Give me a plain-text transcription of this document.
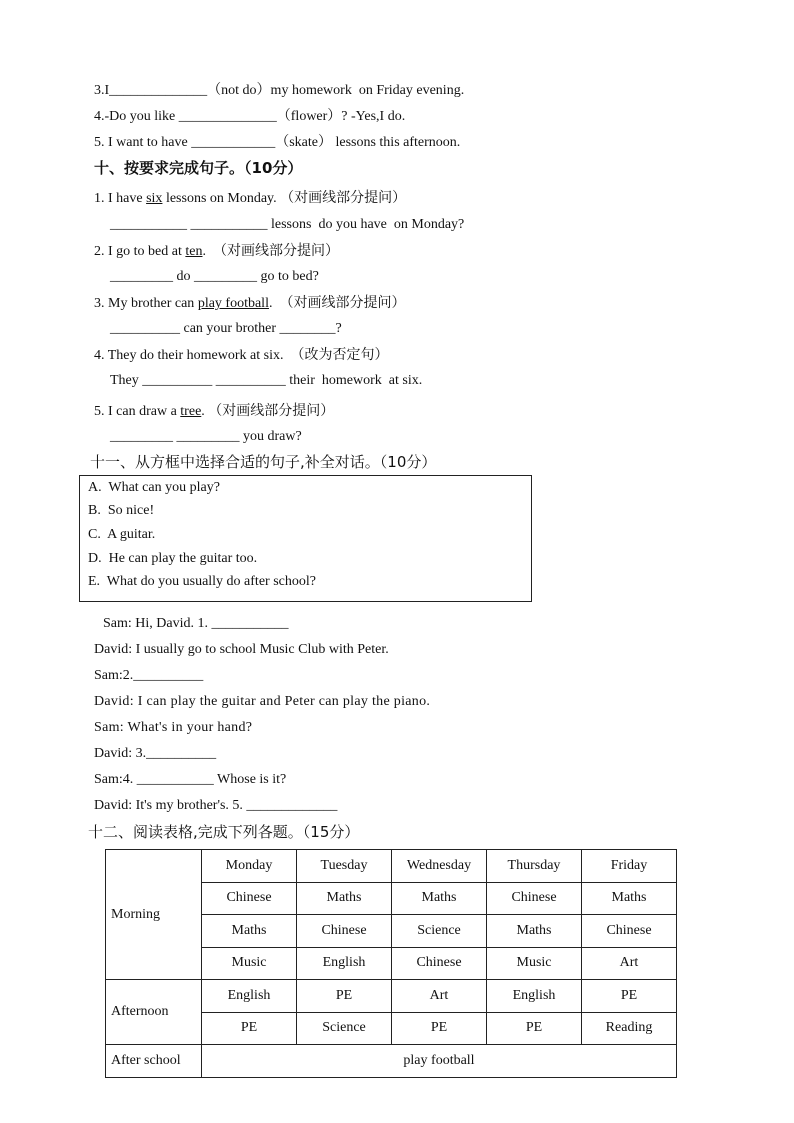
3.I______________（not do）my homework  on Friday evening.
4.-Do you like ______________（flower）? -Yes,I do.
5. I want to have ____________（skate） lessons this afternoon.
十、按要求完成句子。（10分）
1. I have six lessons on Monday. （对画线部分提问）
___________ ___________ lessons  do you have  on Monday?
2. I go to bed at ten.  （对画线部分提问）
_________ do _________ go to bed?
3. My brother can play football.  （对画线部分提问）
__________ can your brother ________?
4. They do their homework at six.  （改为否定句）
They __________ __________ their  homework  at six.
5. I can draw a tree. （对画线部分提问）
_________ _________ you draw?
十一、从方框中选择合适的句子,补全对话。（10分）
A.  What can you play?
B.  So nice!
C.  A guitar.
D.  He can play the guitar too.
E.  What do you usually do after school?
Sam: Hi, David. 1. ___________
David: I usually go to school Music Club with Peter.
Sam:2.__________
David: I can play the guitar and Peter can play the piano.
Sam: What's in your hand?
David: 3.__________
Sam:4. ___________ Whose is it?
David: It's my brother's. 5. _____________
十二、阅读表格,完成下列各题。（15分）
Morning	Monday	Tuesday	Wednesday	Thursday	Friday
	Chinese	Maths	Maths	Chinese	Maths
	Maths	Chinese	Science	Maths	Chinese
	Music	English	Chinese	Music	Art
Afternoon	English	PE	Art	English	PE
	PE	Science	PE	PE	Reading
After school	play football				
